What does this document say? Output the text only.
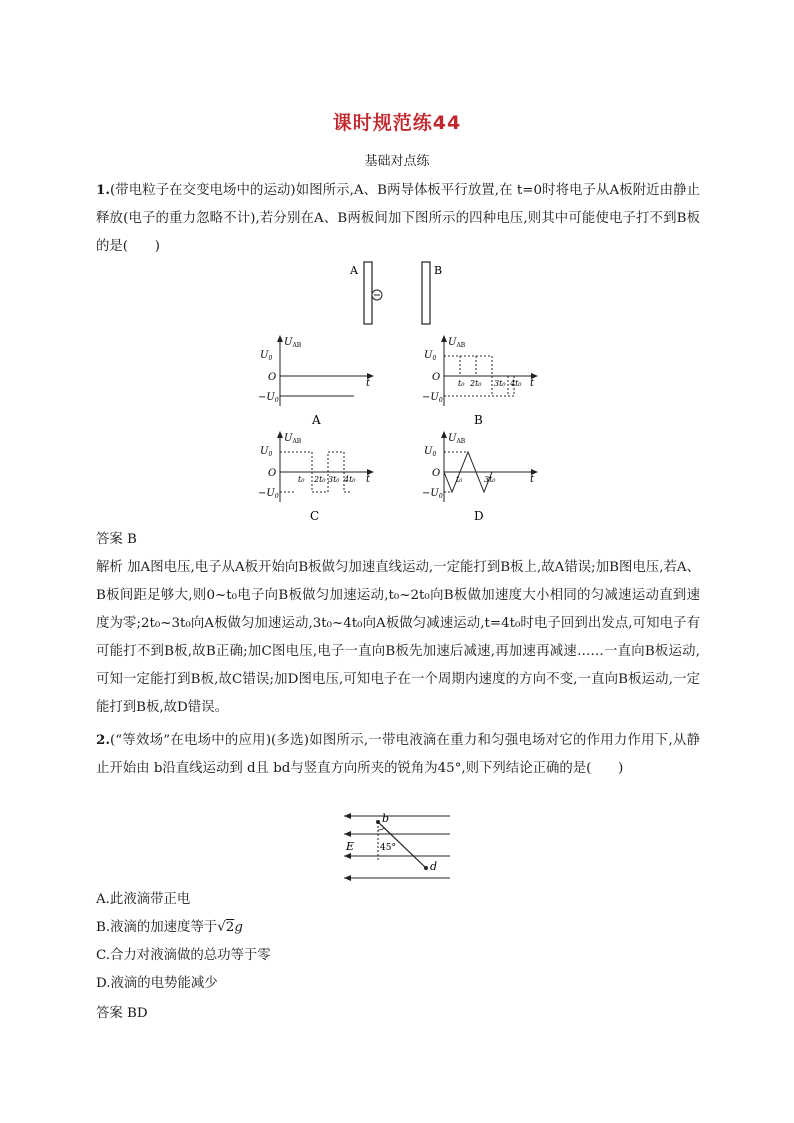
课时规范练44
基础对点练
1.(带电粒子在交变电场中的运动)如图所示,A、B两导体板平行放置,在 t=0时将电子从A板附近由静止释放(电子的重力忽略不计),若分别在A、B两板间加下图所示的四种电压,则其中可能使电子打不到B板的是(　　)
A	B
$U_{AB}$
$U_0$
O
$-U_0$
t
A
$U_{AB}$
$U_0$
O
$-U_0$
t
t₀ 2t₀ 3t₀ 4t₀
B
$U_{AB}$
$U_0$
O
$-U_0$
t
t₀ 2t₀ 3t₀ 4t₀
C
$U_{AB}$
$U_0$
O
$-U_0$
t
t₀	3t₀
D
答案 B
解析 加A图电压,电子从A板开始向B板做匀加速直线运动,一定能打到B板上,故A错误;加B图电压,若A、B板间距足够大,则0~t₀电子向B板做匀加速运动,t₀~2t₀向B板做加速度大小相同的匀减速运动直到速度为零;2t₀~3t₀向A板做匀加速运动,3t₀~4t₀向A板做匀减速运动,t=4t₀时电子回到出发点,可知电子有可能打不到B板,故B正确;加C图电压,电子一直向B板先加速后减速,再加速再减速……一直向B板运动,可知一定能打到B板,故C错误;加D图电压,可知电子在一个周期内速度的方向不变,一直向B板运动,一定能打到B板,故D错误。
2.(“等效场”在电场中的应用)(多选)如图所示,一带电液滴在重力和匀强电场对它的作用力作用下,从静止开始由 b沿直线运动到 d且 bd与竖直方向所夹的锐角为45°,则下列结论正确的是(　　)
b
d
E	45°
A.此液滴带正电
B.液滴的加速度等于√2g
C.合力对液滴做的总功等于零
D.液滴的电势能减少
答案 BD
